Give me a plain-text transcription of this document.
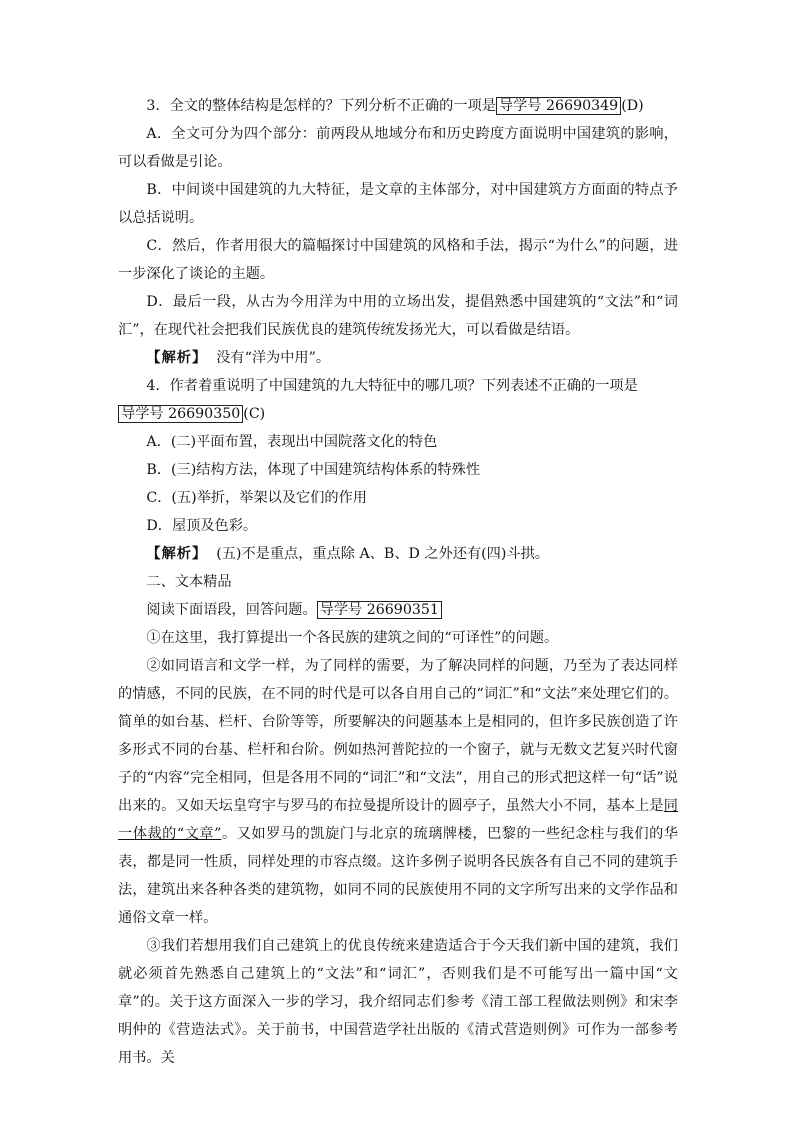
3．全文的整体结构是怎样的？下列分析不正确的一项是 导学号 26690349 (D)

A．全文可分为四个部分：前两段从地域分布和历史跨度方面说明中国建筑的影响，可以看做是引论。

B．中间谈中国建筑的九大特征，是文章的主体部分，对中国建筑方方面面的特点予以总括说明。

C．然后，作者用很大的篇幅探讨中国建筑的风格和手法，揭示“为什么”的问题，进一步深化了谈论的主题。

D．最后一段，从古为今用洋为中用的立场出发，提倡熟悉中国建筑的“文法”和“词汇”，在现代社会把我们民族优良的建筑传统发扬光大，可以看做是结语。

【解析】 没有“洋为中用”。

4．作者着重说明了中国建筑的九大特征中的哪几项？下列表述不正确的一项是

导学号 26690350 (C)

A．(二)平面布置，表现出中国院落文化的特色

B．(三)结构方法，体现了中国建筑结构体系的特殊性

C．(五)举折，举架以及它们的作用

D．屋顶及色彩。

【解析】 (五)不是重点，重点除 A、B、D 之外还有(四)斗拱。

二、文本精品

阅读下面语段，回答问题。 导学号 26690351

①在这里，我打算提出一个各民族的建筑之间的“可译性”的问题。

②如同语言和文学一样，为了同样的需要，为了解决同样的问题，乃至为了表达同样的情感，不同的民族，在不同的时代是可以各自用自己的“词汇”和“文法”来处理它们的。简单的如台基、栏杆、台阶等等，所要解决的问题基本上是相同的，但许多民族创造了许多形式不同的台基、栏杆和台阶。例如热河普陀拉的一个窗子，就与无数文艺复兴时代窗子的“内容”完全相同，但是各用不同的“词汇”和“文法”，用自己的形式把这样一句“话”说出来的。又如天坛皇穹宇与罗马的布拉曼提所设计的圆亭子，虽然大小不同，基本上是同一体裁的“文章”。又如罗马的凯旋门与北京的琉璃牌楼，巴黎的一些纪念柱与我们的华表，都是同一性质，同样处理的市容点缀。这许多例子说明各民族各有自己不同的建筑手法，建筑出来各种各类的建筑物，如同不同的民族使用不同的文字所写出来的文学作品和通俗文章一样。

③我们若想用我们自己建筑上的优良传统来建造适合于今天我们新中国的建筑，我们就必须首先熟悉自己建筑上的“文法”和“词汇”，否则我们是不可能写出一篇中国“文章”的。关于这方面深入一步的学习，我介绍同志们参考《清工部工程做法则例》和宋李明仲的《营造法式》。关于前书，中国营造学社出版的《清式营造则例》可作为一部参考用书。关
